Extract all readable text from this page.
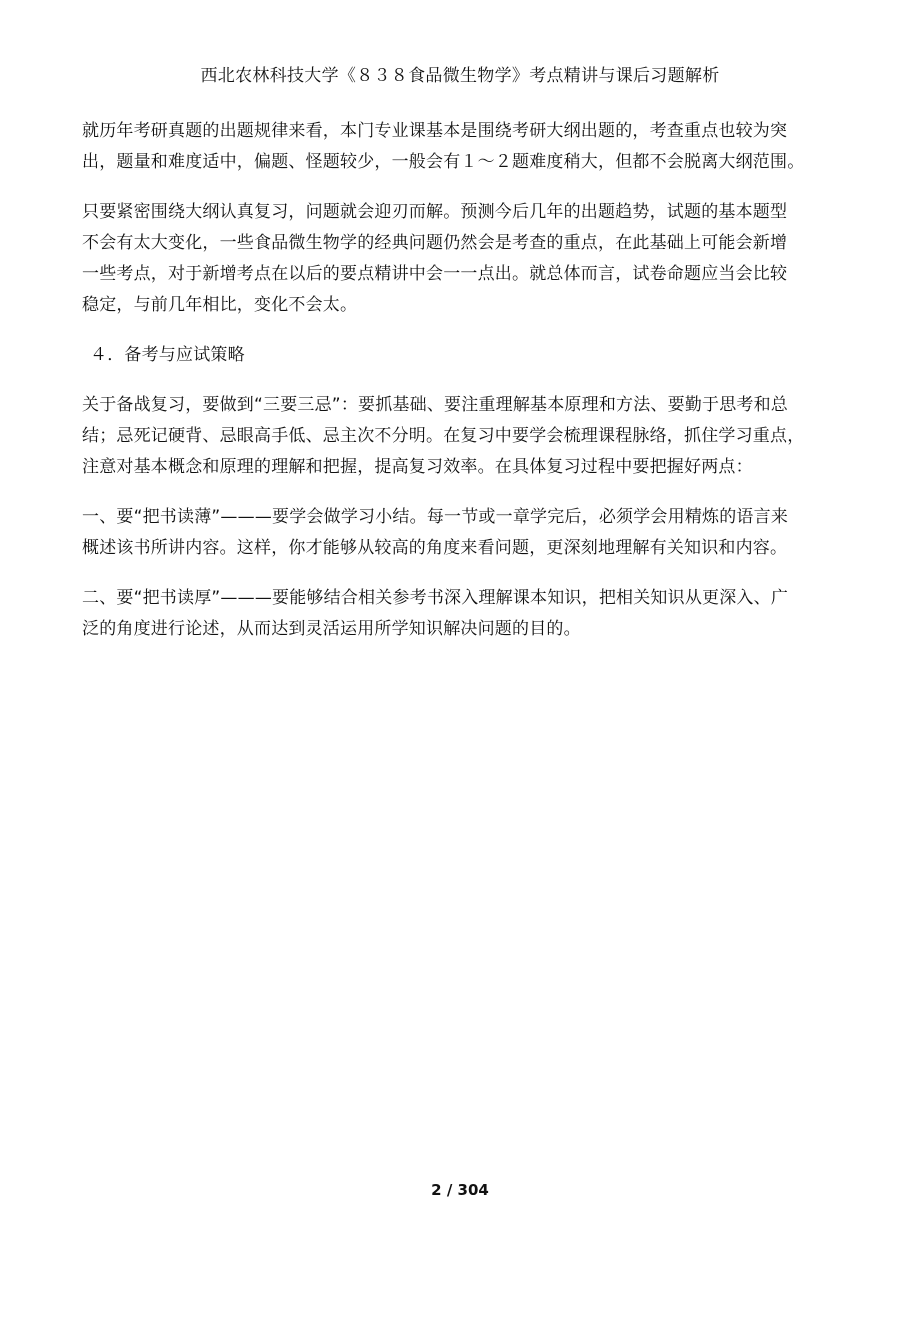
西北农林科技大学《８３８食品微生物学》考点精讲与课后习题解析
就历年考研真题的出题规律来看，本门专业课基本是围绕考研大纲出题的，考查重点也较为突
出，题量和难度适中，偏题、怪题较少，一般会有１～２题难度稍大，但都不会脱离大纲范围。
只要紧密围绕大纲认真复习，问题就会迎刃而解。预测今后几年的出题趋势，试题的基本题型
不会有太大变化，一些食品微生物学的经典问题仍然会是考查的重点，在此基础上可能会新增
一些考点，对于新增考点在以后的要点精讲中会一一点出。就总体而言，试卷命题应当会比较
稳定，与前几年相比，变化不会太。
４．备考与应试策略
关于备战复习，要做到“三要三忌”：要抓基础、要注重理解基本原理和方法、要勤于思考和总
结；忌死记硬背、忌眼高手低、忌主次不分明。在复习中要学会梳理课程脉络，抓住学习重点，
注意对基本概念和原理的理解和把握，提高复习效率。在具体复习过程中要把握好两点：
一、要“把书读薄”———要学会做学习小结。每一节或一章学完后，必须学会用精炼的语言来
概述该书所讲内容。这样，你才能够从较高的角度来看问题，更深刻地理解有关知识和内容。
二、要“把书读厚”———要能够结合相关参考书深入理解课本知识，把相关知识从更深入、广
泛的角度进行论述，从而达到灵活运用所学知识解决问题的目的。
2 / 304
